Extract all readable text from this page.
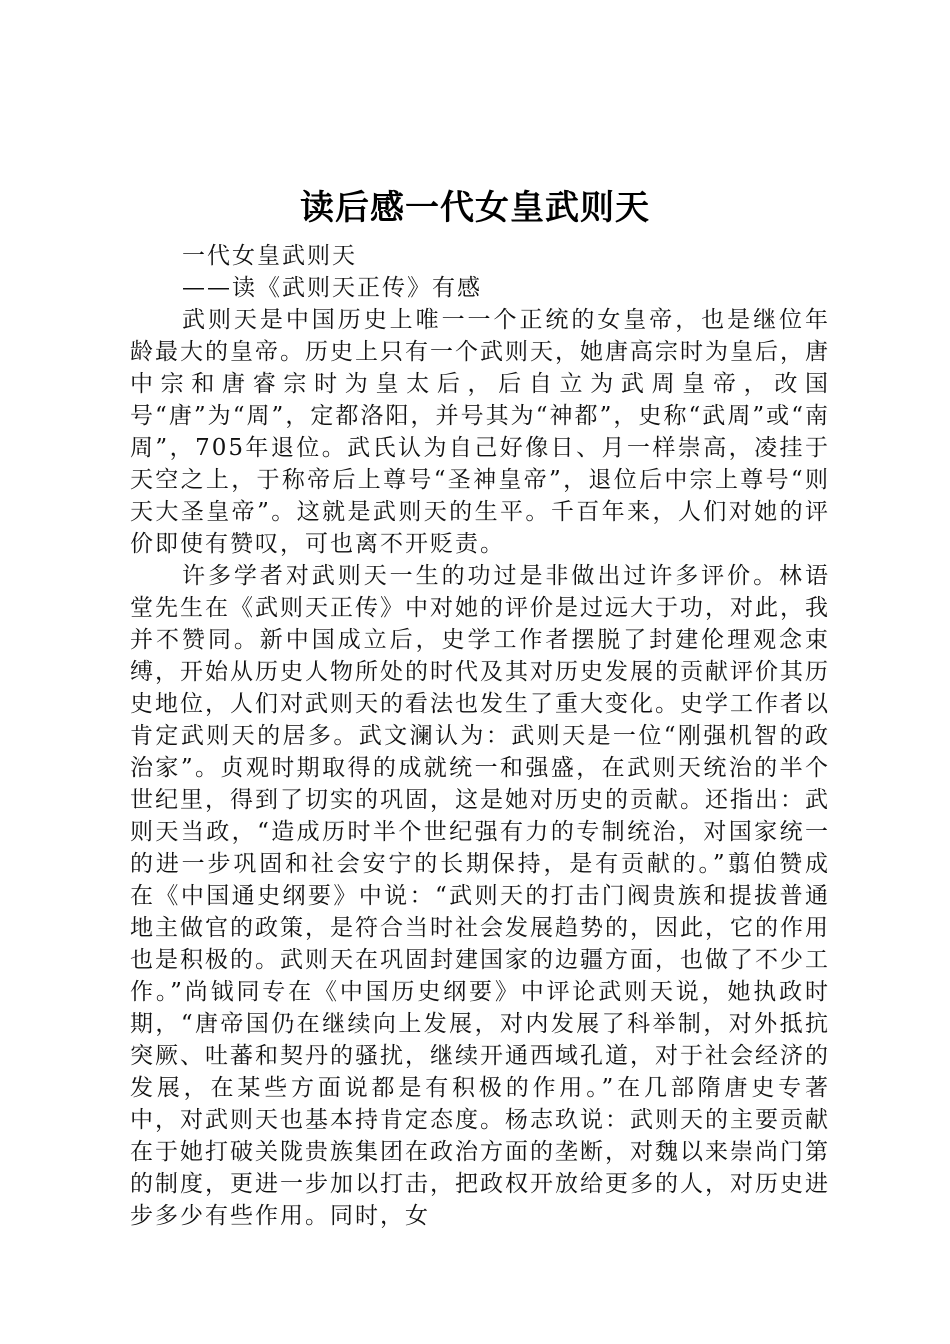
读后感一代女皇武则天

一代女皇武则天

——读《武则天正传》有感

武则天是中国历史上唯一一个正统的女皇帝，也是继位年龄最大的皇帝。历史上只有一个武则天，她唐高宗时为皇后，唐中宗和唐睿宗时为皇太后，后自立为武周皇帝，改国号“唐”为“周”，定都洛阳，并号其为“神都”，史称“武周”或“南周”，705年退位。武氏认为自己好像日、月一样崇高，凌挂于天空之上，于称帝后上尊号“圣神皇帝”，退位后中宗上尊号“则天大圣皇帝”。这就是武则天的生平。千百年来，人们对她的评价即使有赞叹，可也离不开贬责。

许多学者对武则天一生的功过是非做出过许多评价。林语堂先生在《武则天正传》中对她的评价是过远大于功，对此，我并不赞同。新中国成立后，史学工作者摆脱了封建伦理观念束缚，开始从历史人物所处的时代及其对历史发展的贡献评价其历史地位，人们对武则天的看法也发生了重大变化。史学工作者以肯定武则天的居多。武文澜认为：武则天是一位“刚强机智的政治家”。贞观时期取得的成就统一和强盛，在武则天统治的半个世纪里，得到了切实的巩固，这是她对历史的贡献。还指出：武则天当政，“造成历时半个世纪强有力的专制统治，对国家统一的进一步巩固和社会安宁的长期保持，是有贡献的。”翦伯赞成在《中国通史纲要》中说：“武则天的打击门阀贵族和提拔普通地主做官的政策，是符合当时社会发展趋势的，因此，它的作用也是积极的。武则天在巩固封建国家的边疆方面，也做了不少工作。”尚钺同专在《中国历史纲要》中评论武则天说，她执政时期，“唐帝国仍在继续向上发展，对内发展了科举制，对外抵抗突厥、吐蕃和契丹的骚扰，继续开通西域孔道，对于社会经济的发展，在某些方面说都是有积极的作用。”在几部隋唐史专著中，对武则天也基本持肯定态度。杨志玖说：武则天的主要贡献在于她打破关陇贵族集团在政治方面的垄断，对魏以来崇尚门第的制度，更进一步加以打击，把政权开放给更多的人，对历史进步多少有些作用。同时，女
